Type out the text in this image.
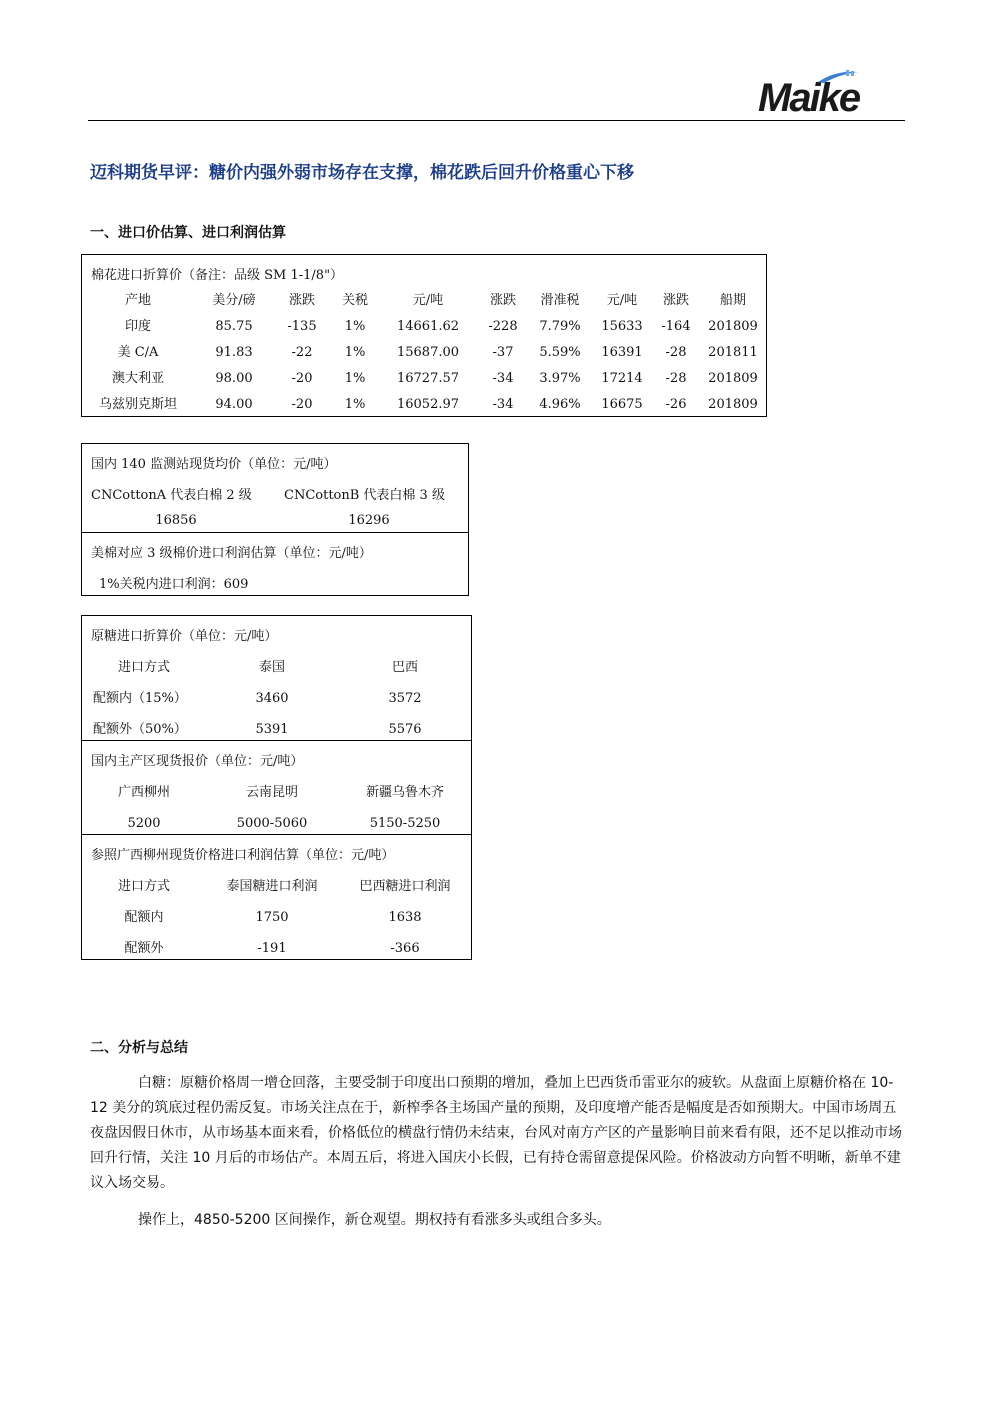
Maike
迈科期货早评：糖价内强外弱市场存在支撑，棉花跌后回升价格重心下移
一、进口价估算、进口利润估算
棉花进口折算价（备注：品级 SM 1-1/8"）
产地	美分/磅	涨跌 关税	元/吨	涨跌 滑准税 元/吨 涨跌 船期
印度	85.75	-135 1% 14661.62 -228 7.79% 15633 -164 201809
美 C/A	91.83	-22 1% 15687.00	-37 5.59% 16391 -28 201811
澳大利亚	98.00	-20 1% 16727.57	-34 3.97% 17214 -28 201809
乌兹别克斯坦	94.00	-20 1% 16052.97	-34 4.96% 16675 -26 201809
国内 140 监测站现货均价（单位：元/吨）
CNCottonA 代表白棉 2 级 CNCottonB 代表白棉 3 级
16856	16296
美棉对应 3 级棉价进口利润估算（单位：元/吨）
1%关税内进口利润：609
原糖进口折算价（单位：元/吨）
进口方式	泰国	巴西
配额内（15%）	3460	3572
配额外（50%）	5391	5576
国内主产区现货报价（单位：元/吨）
广西柳州	云南昆明	新疆乌鲁木齐
5200	5000-5060	5150-5250
参照广西柳州现货价格进口利润估算（单位：元/吨）
进口方式	泰国糖进口利润	巴西糖进口利润
配额内	1750	1638
配额外	-191	-366
二、分析与总结

白糖：原糖价格周一增仓回落，主要受制于印度出口预期的增加，叠加上巴西货币雷亚尔的疲软。从盘面上原糖价格在 10-12 美分的筑底过程仍需反复。市场关注点在于，新榨季各主场国产量的预期，及印度增产能否是幅度是否如预期大。中国市场周五夜盘因假日休市，从市场基本面来看，价格低位的横盘行情仍未结束，台风对南方产区的产量影响目前来看有限，还不足以推动市场回升行情，关注 10 月后的市场估产。本周五后，将进入国庆小长假，已有持仓需留意提保风险。价格波动方向暂不明晰，新单不建议入场交易。

操作上，4850-5200 区间操作，新仓观望。期权持有看涨多头或组合多头。
